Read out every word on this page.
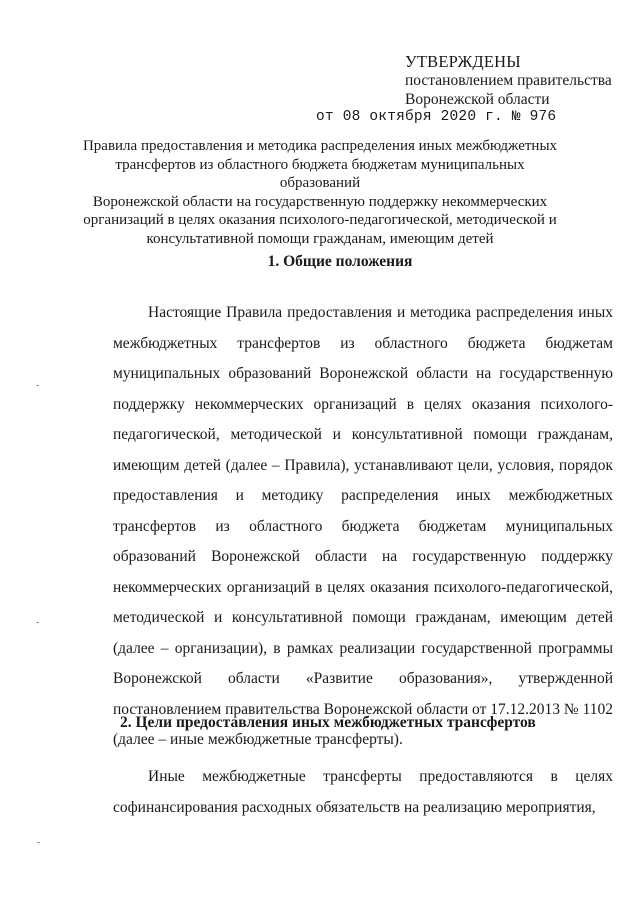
УТВЕРЖДЕНЫ
постановлением правительства
Воронежской области
от 08 октября 2020 г. № 976
Правила предоставления и методика распределения иных межбюджетных
трансфертов из областного бюджета бюджетам муниципальных образований
Воронежской области на государственную поддержку некоммерческих
организаций в целях оказания психолого-педагогической, методической и
консультативной помощи гражданам, имеющим детей
1. Общие положения
Настоящие Правила предоставления и методика распределения иных межбюджетных трансфертов из областного бюджета бюджетам муниципальных образований Воронежской области на государственную поддержку некоммерческих организаций в целях оказания психолого-педагогической, методической и консультативной помощи гражданам, имеющим детей (далее – Правила), устанавливают цели, условия, порядок предоставления и методику распределения иных межбюджетных трансфертов из областного бюджета бюджетам муниципальных образований Воронежской области на государственную поддержку некоммерческих организаций в целях оказания психолого-педагогической, методической и консультативной помощи гражданам, имеющим детей (далее – организации), в рамках реализации государственной программы Воронежской области «Развитие образования», утвержденной постановлением правительства Воронежской области от 17.12.2013 № 1102 (далее – иные межбюджетные трансферты).
2. Цели предоставления иных межбюджетных трансфертов
Иные межбюджетные трансферты предоставляются в целях софинансирования расходных обязательств на реализацию мероприятия,
